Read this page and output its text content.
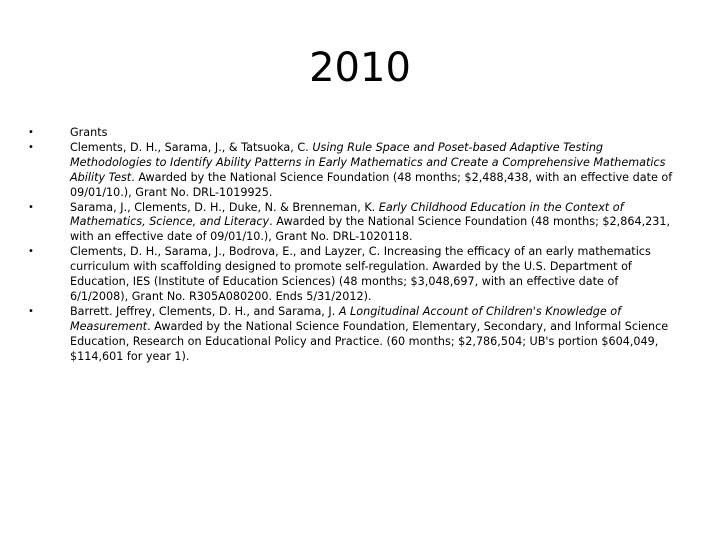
2010
•	Grants
•	Clements, D. H., Sarama, J., & Tatsuoka, C. Using Rule Space and Poset-based Adaptive Testing Methodologies to Identify Ability Patterns in Early Mathematics and Create a Comprehensive Mathematics Ability Test. Awarded by the National Science Foundation (48 months; $2,488,438, with an effective date of 09/01/10.), Grant No. DRL-1019925.
•	Sarama, J., Clements, D. H., Duke, N. & Brenneman, K. Early Childhood Education in the Context of Mathematics, Science, and Literacy. Awarded by the National Science Foundation (48 months; $2,864,231, with an effective date of 09/01/10.), Grant No. DRL-1020118.
•	Clements, D. H., Sarama, J., Bodrova, E., and Layzer, C. Increasing the efficacy of an early mathematics curriculum with scaffolding designed to promote self-regulation. Awarded by the U.S. Department of Education, IES (Institute of Education Sciences) (48 months; $3,048,697, with an effective date of 6/1/2008), Grant No. R305A080200. Ends 5/31/2012).
•	Barrett. Jeffrey, Clements, D. H., and Sarama, J. A Longitudinal Account of Children's Knowledge of Measurement. Awarded by the National Science Foundation, Elementary, Secondary, and Informal Science Education, Research on Educational Policy and Practice. (60 months; $2,786,504; UB's portion $604,049, $114,601 for year 1).
